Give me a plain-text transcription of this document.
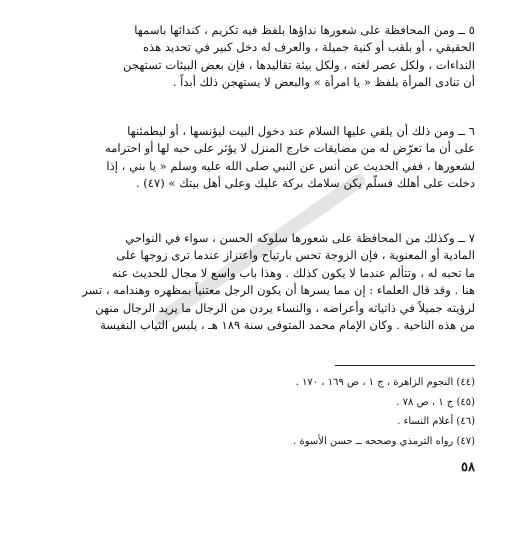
٥ ــ ومن المحافظة على شعورها نداؤها بلفظ فيه تكريم ، كندائها باسمها
الحقيقي ، أو بلقب أو كنية جميلة ، والعرف له دخل كبير في تحديد هذه
النداءات ، ولكل عصر لغته ، ولكل بيئة تقاليدها ، فإن بعض البيئات تستهجن
أن تنادى المرأة بلفظ « يا امرأة » والبعض لا يستهجن ذلك أبداً .
٦ ــ ومن ذلك أن يلقي عليها السلام عند دخول البيت ليؤنسها ، أو ليطمئنها
على أن ما تعرّض له من مضايقات خارج المنزل لا يؤثر على حبه لها أو احترامه
لشعورها ، ففي الحديث عن أنس عن النبي صلى الله عليه وسلم « يا بني ، إذا
دخلت على أهلك فسلّم يكن سلامك بركة عليك وعلى أهل بيتك » (٤٧) .
٧ ــ وكذلك من المحافظة على شعورها سلوكه الحسن ، سواء في النواحي
المادية أو المعنوية ، فإن الزوجة تحس بارتياح واعتزاز عندما ترى زوجها على
ما تحبه له ، وتتألم عندما لا يكون كذلك . وهذا باب واسع لا مجال للحديث عنه
هنا . وقد قال العلماء : إن مما يسرها أن يكون الرجل معتنياً بمظهره وهندامه ، تسر
لرؤيته جميلاً في ذاتياته وأعراضه ، والنساء يردن من الرجال ما يريد الرجال منهن
من هذه الناحية . وكان الإمام محمد المتوفى سنة ١٨٩ هـ ، يلبس الثياب النفيسة
(٤٤) النجوم الزاهرة ، ج ١ ، ص ١٦٩ ، ١٧٠ .
(٤٥) ج ١ ، ص ٧٨ .
(٤٦) أعلام النساء .
(٤٧) رواه الترمذي وصححه ــ حسن الأسوة .
٥٨
